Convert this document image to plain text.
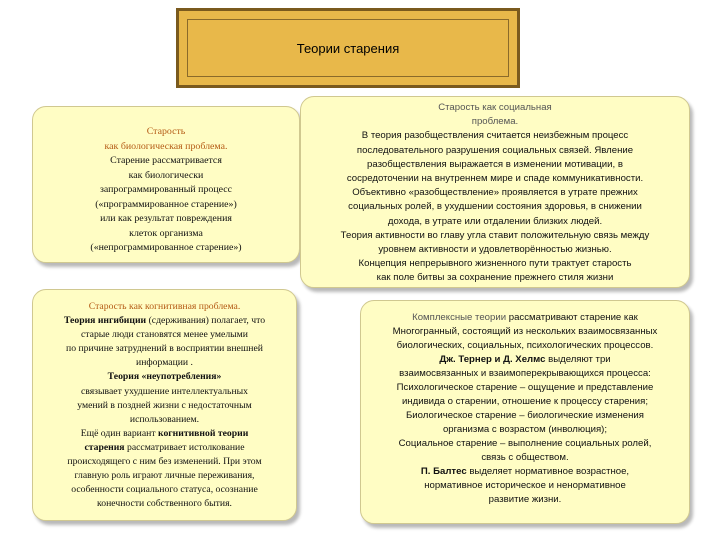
Теории старения

Старость

как биологическая проблема.

Старение рассматривается

как биологически

запрограммированный процесс

(«программированное старение»)

или как результат повреждения

клеток организма

(«непрограммированное старение»)

Старость как социальная

проблема.

В теория разобществления считается неизбежным процесс

последовательного разрушения социальных связей. Явление

разобществления выражается в изменении мотивации, в

сосредоточении на внутреннем мире и спаде коммуникативности.

Объективно «разобществление» проявляется в утрате прежних

социальных ролей, в ухудшении состояния здоровья, в снижении

дохода, в утрате или отдалении близких людей.

Теория активности во главу угла ставит положительную связь между

уровнем активности и удовлетворённостью жизнью.

Концепция непрерывного жизненного пути трактует старость

как поле битвы за сохранение прежнего стиля жизни

Старость как когнитивная проблема.

Теория ингибиции (сдерживания) полагает, что

старые люди становятся менее умелыми

по причине затруднений в восприятии внешней

информации .

Теория «неупотребления»

связывает ухудшение интеллектуальных

умений в поздней жизни с недостаточным

использованием.

Ещё один вариант когнитивной теории

старения рассматривает истолкование

происходящего с ним без изменений. При этом

главную роль играют личные переживания,

особенности социального статуса, осознание

конечности собственного бытия.

Комплексные теории рассматривают старение как

Многогранный, состоящий из нескольких взаимосвязанных

биологических, социальных, психологических процессов.

Дж. Тернер и Д. Хелмс выделяют три

взаимосвязанных и взаимоперекрывающихся процесса:

Психологическое старение – ощущение и представление

индивида о старении, отношение к процессу старения;

Биологическое старение – биологические изменения

организма с возрастом (инволюция);

Социальное старение – выполнение социальных ролей,

связь с обществом.

П. Балтес выделяет нормативное возрастное,

нормативное историческое и ненормативное

развитие жизни.
